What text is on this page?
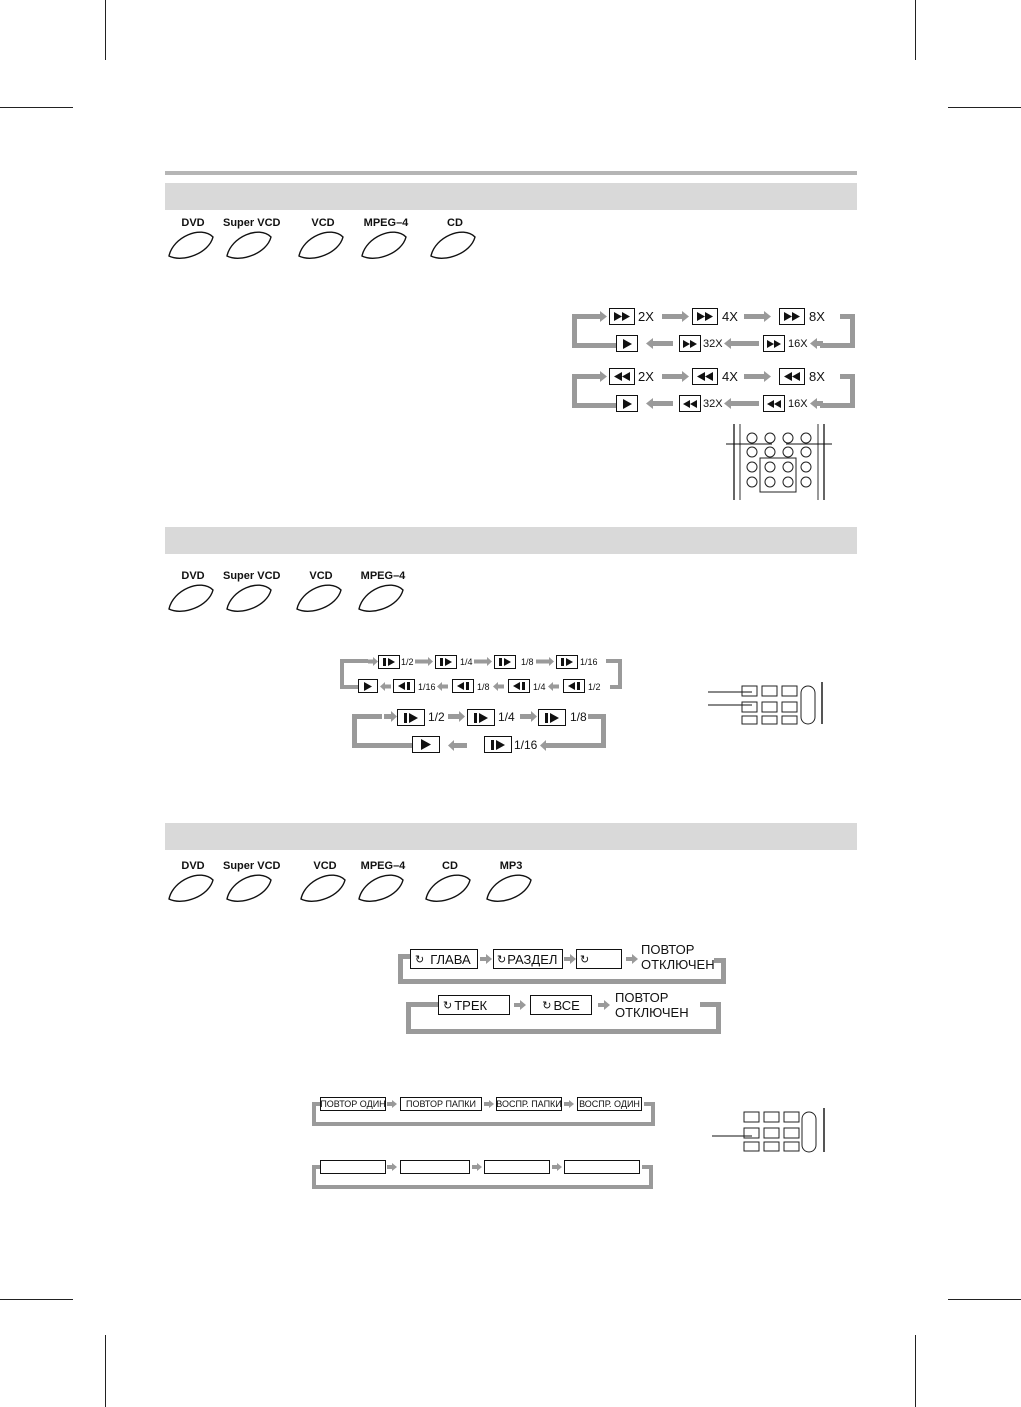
DVD	Super VCD	VCD	MPEG–4	CD
2X	4X	8X
32X	16X
2X	4X	8X
32X	16X
DVD	Super VCD	VCD	MPEG–4
1/2	1/4	1/8	1/16
1/16	1/8	1/4	1/2
1/2	1/4	1/8
1/16
DVD	Super VCD	VCD	MPEG–4	CD	MP3
↻ ГЛАВА ↻ РАЗДЕЛ ↻
ПОВТОР
ОТКЛЮЧЕН
↻ ТРЕК	↻ ВСЕ	ПОВТОР
ОТКЛЮЧЕН
ПОВТОР ОДИН ПОВТОР ПАПКИ ВОСПР. ПАПКИ ВОСПР. ОДИН
